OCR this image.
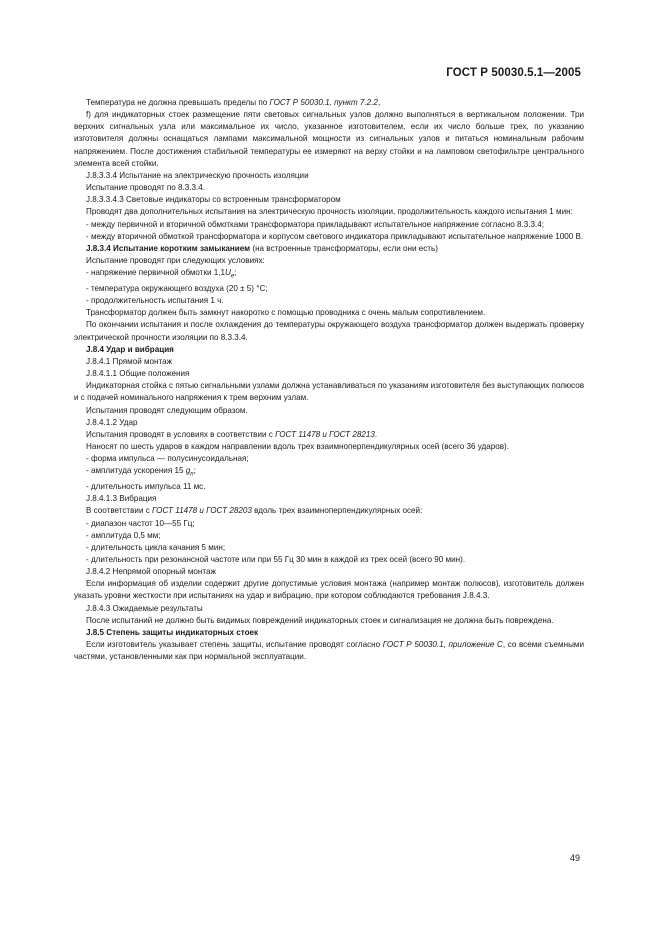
ГОСТ Р 50030.5.1—2005

Температура не должна превышать пределы по ГОСТ Р 50030.1, пункт 7.2.2,

f) для индикаторных стоек размещение пяти световых сигнальных узлов должно выполняться в вертикальном положении. Три верхних сигнальных узла или максимальное их число, указанное изготовителем, если их число больше трех, по указанию изготовителя должны оснащаться лампами максимальной мощности из сигнальных узлов и питаться номинальным рабочим напряжением. После достижения стабильной температуры ее измеряют на верху стойки и на ламповом светофильтре центрального элемента всей стойки.

J.8.3.3.4 Испытание на электрическую прочность изоляции

Испытание проводят по 8.3.3.4.

J.8.3.3.4.3 Световые индикаторы со встроенным трансформатором

Проводят два дополнительных испытания на электрическую прочность изоляции, продолжительность каждого испытания 1 мин:

- между первичной и вторичной обмотками трансформатора прикладывают испытательное напряжение согласно 8.3.3.4;

- между вторичной обмоткой трансформатора и корпусом светового индикатора прикладывают испытательное напряжение 1000 В.

J.8.3.4 Испытание коротким замыканием (на встроенные трансформаторы, если они есть)

Испытание проводят при следующих условиях:

- напряжение первичной обмотки $1,1U_e$;

- температура окружающего воздуха (20 ± 5) °С;

- продолжительность испытания 1 ч.

Трансформатор должен быть замкнут накоротко с помощью проводника с очень малым сопротивлением.

По окончании испытания и после охлаждения до температуры окружающего воздуха трансформатор должен выдержать проверку электрической прочности изоляции по 8.3.3.4.

J.8.4 Удар и вибрация

J.8.4.1 Прямой монтаж

J.8.4.1.1 Общие положения

Индикаторная стойка с пятью сигнальными узлами должна устанавливаться по указаниям изготовителя без выступающих полюсов и с подачей номинального напряжения к трем верхним узлам.

Испытания проводят следующим образом.

J.8.4.1.2 Удар

Испытания проводят в условиях в соответствии с ГОСТ 11478 и ГОСТ 28213.

Наносят по шесть ударов в каждом направлении вдоль трех взаимноперпендикулярных осей (всего 36 ударов).

- форма импульса — полусинусоидальная;

- амплитуда ускорения 15 $g_n$;

- длительность импульса 11 мс.

J.8.4.1.3 Вибрация

В соответствии с ГОСТ 11478 и ГОСТ 28203 вдоль трех взаимноперпендикулярных осей:

- диапазон частот 10—55 Гц;

- амплитуда 0,5 мм;

- длительность цикла качания 5 мин;

- длительность при резонансной частоте или при 55 Гц 30 мин в каждой из трех осей (всего 90 мин).

J.8.4.2 Непрямой опорный монтаж

Если информация об изделии содержит другие допустимые условия монтажа (например монтаж полюсов), изготовитель должен указать уровни жесткости при испытаниях на удар и вибрацию, при котором соблюдаются требования J.8.4.3.

J.8.4.3 Ожидаемые результаты

После испытаний не должно быть видимых повреждений индикаторных стоек и сигнализация не должна быть повреждена.

J.8.5 Степень защиты индикаторных стоек

Если изготовитель указывает степень защиты, испытание проводят согласно ГОСТ Р 50030.1, приложение С, со всеми съемными частями, установленными как при нормальной эксплуатации.

49
